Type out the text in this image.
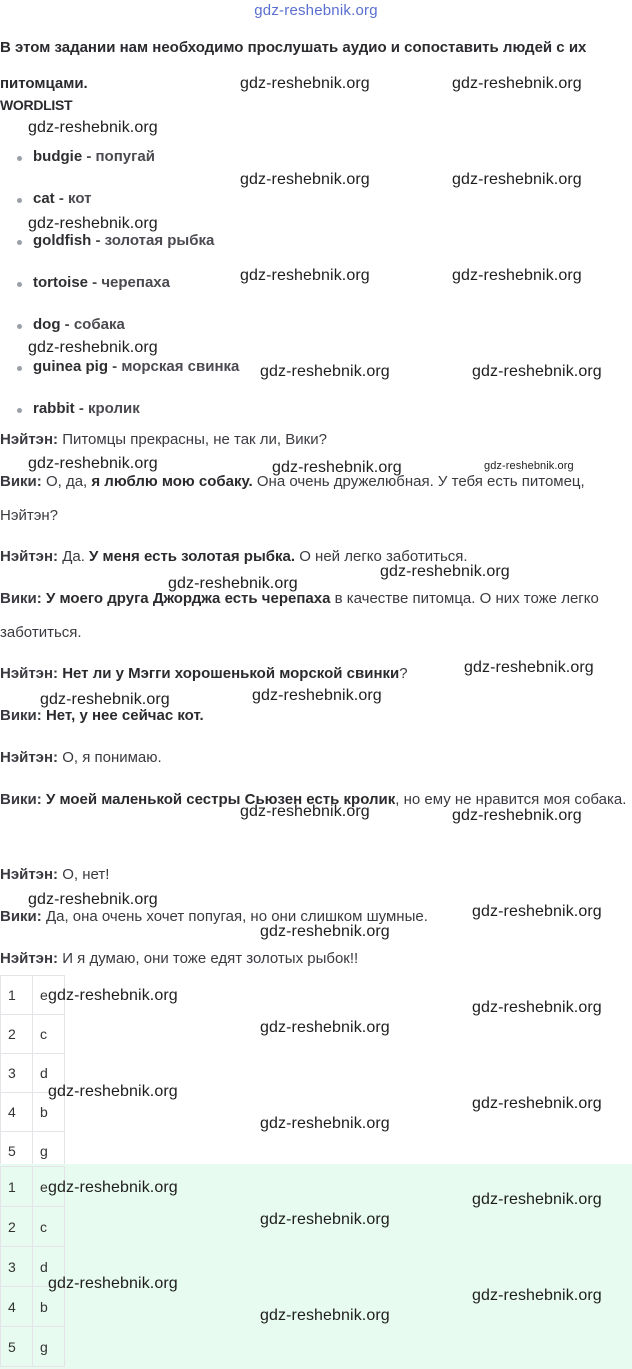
gdz-reshebnik.org
В этом задании нам необходимо прослушать аудио и сопоставить людей с их питомцами.
WORDLIST
budgie - попугай
cat - кот
goldfish - золотая рыбка
tortoise - черепаха
dog - собака
guinea pig - морская свинка
rabbit - кролик
Нэйтэн: Питомцы прекрасны, не так ли, Вики?
Вики: О, да, я люблю мою собаку. Она очень дружелюбная. У тебя есть питомец, Нэйтэн?
Нэйтэн: Да. У меня есть золотая рыбка. О ней легко заботиться.
Вики: У моего друга Джорджа есть черепаха в качестве питомца. О них тоже легко заботиться.
Нэйтэн: Нет ли у Мэгги хорошенькой морской свинки?
Вики: Нет, у нее сейчас кот.
Нэйтэн: О, я понимаю.
Вики: У моей маленькой сестры Сьюзен есть кролик, но ему не нравится моя собака.
Нэйтэн: О, нет!
Вики: Да, она очень хочет попугая, но они слишком шумные.
Нэйтэн: И я думаю, они тоже едят золотых рыбок!!
1	e
2	c
3	d
4	b
5	g
1	e
2	c
3	d
4	b
5	g
gdz-reshebnik.org	gdz-reshebnik.org
gdz-reshebnik.org
gdz-reshebnik.org	gdz-reshebnik.org
gdz-reshebnik.org
gdz-reshebnik.org	gdz-reshebnik.org
gdz-reshebnik.org
gdz-reshebnik.org	gdz-reshebnik.org
gdz-reshebnik.org	gdz-reshebnik.org	gdz-reshebnik.org
gdz-reshebnik.org
gdz-reshebnik.org
gdz-reshebnik.org
gdz-reshebnik.org
gdz-reshebnik.org
gdz-reshebnik.org	gdz-reshebnik.org
gdz-reshebnik.org
gdz-reshebnik.org
gdz-reshebnik.org
gdz-reshebnik.org
gdz-reshebnik.org
gdz-reshebnik.org
gdz-reshebnik.org
gdz-reshebnik.org
gdz-reshebnik.org
gdz-reshebnik.org
gdz-reshebnik.org
gdz-reshebnik.org
gdz-reshebnik.org
gdz-reshebnik.org
gdz-reshebnik.org
